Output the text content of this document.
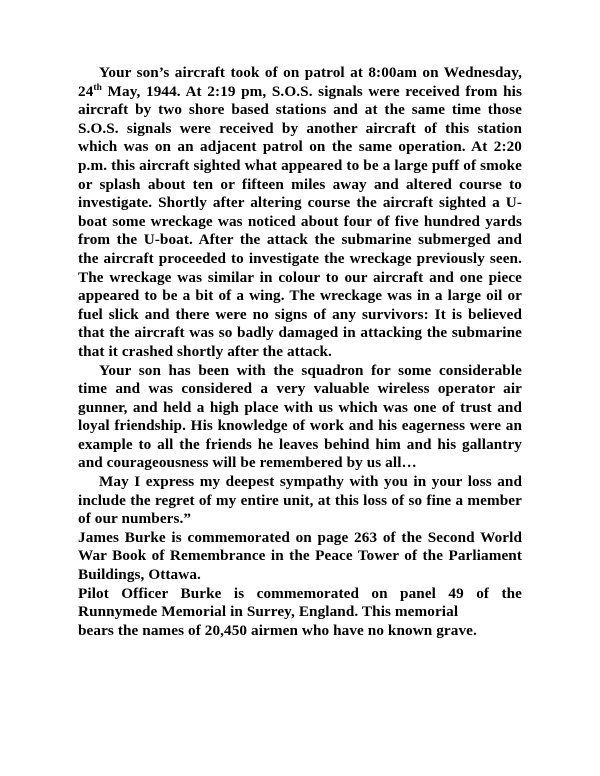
Your son’s aircraft took of on patrol at 8:00am on Wednesday, 24th May, 1944. At 2:19 pm, S.O.S. signals were received from his aircraft by two shore based stations and at the same time those S.O.S. signals were received by another aircraft of this station which was on an adjacent patrol on the same operation. At 2:20 p.m. this aircraft sighted what appeared to be a large puff of smoke or splash about ten or fifteen miles away and altered course to investigate. Shortly after altering course the aircraft sighted a U-boat some wreckage was noticed about four of five hundred yards from the U-boat. After the attack the submarine submerged and the aircraft proceeded to investigate the wreckage previously seen. The wreckage was similar in colour to our aircraft and one piece appeared to be a bit of a wing. The wreckage was in a large oil or fuel slick and there were no signs of any survivors: It is believed that the aircraft was so badly damaged in attacking the submarine that it crashed shortly after the attack.

Your son has been with the squadron for some considerable time and was considered a very valuable wireless operator air gunner, and held a high place with us which was one of trust and loyal friendship. His knowledge of work and his eagerness were an example to all the friends he leaves behind him and his gallantry and courageousness will be remembered by us all…

May I express my deepest sympathy with you in your loss and include the regret of my entire unit, at this loss of so fine a member of our numbers.”

James Burke is commemorated on page 263 of the Second World War Book of Remembrance in the Peace Tower of the Parliament Buildings, Ottawa.

Pilot Officer Burke is commemorated on panel 49 of the Runnymede Memorial in Surrey, England. This memorial
bears the names of 20,450 airmen who have no known grave.
